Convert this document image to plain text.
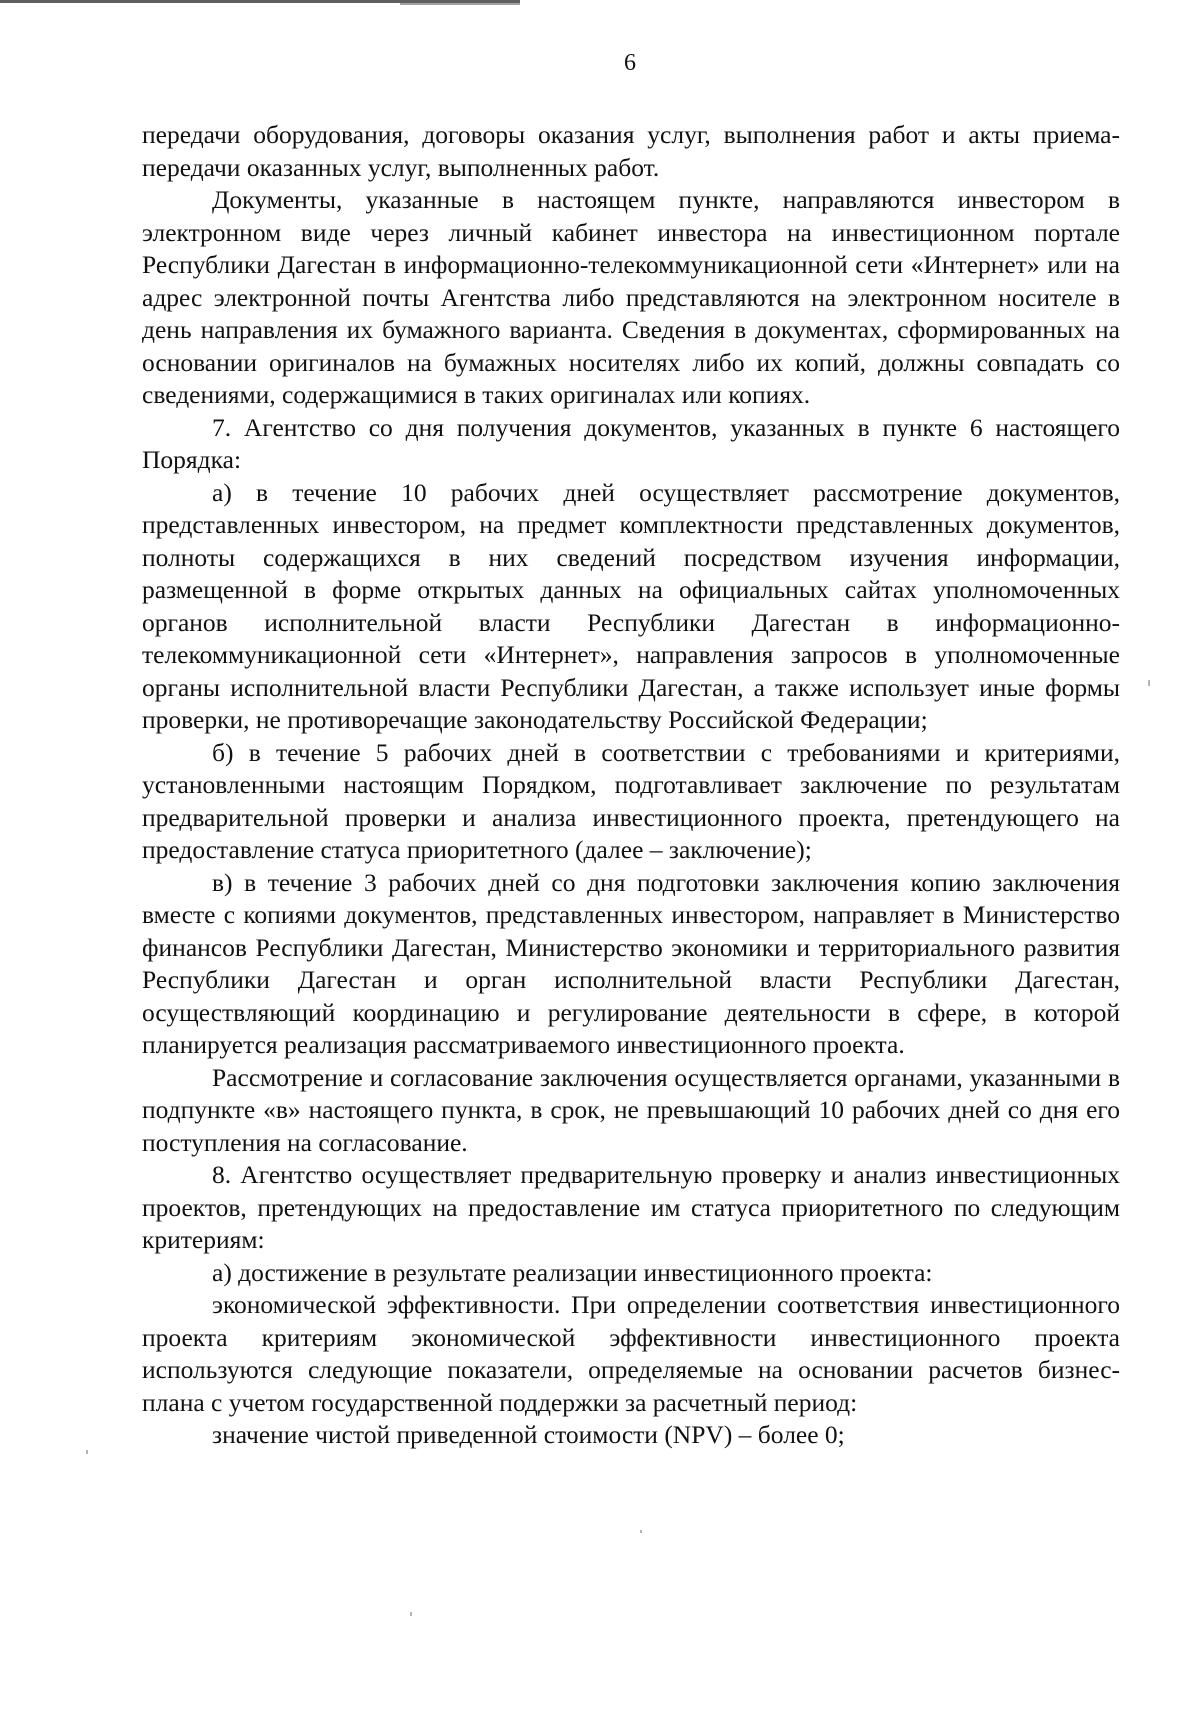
6

передачи оборудования, договоры оказания услуг, выполнения работ и акты приема-передачи оказанных услуг, выполненных работ.

Документы, указанные в настоящем пункте, направляются инвестором в электронном виде через личный кабинет инвестора на инвестиционном портале Республики Дагестан в информационно-телекоммуникационной сети «Интернет» или на адрес электронной почты Агентства либо представляются на электронном носителе в день направления их бумажного варианта. Сведения в документах, сформированных на основании оригиналов на бумажных носителях либо их копий, должны совпадать со сведениями, содержащимися в таких оригиналах или копиях.

7. Агентство со дня получения документов, указанных в пункте 6 настоящего Порядка:

а) в течение 10 рабочих дней осуществляет рассмотрение документов, представленных инвестором, на предмет комплектности представленных документов, полноты содержащихся в них сведений посредством изучения информации, размещенной в форме открытых данных на официальных сайтах уполномоченных органов исполнительной власти Республики Дагестан в информационно-телекоммуникационной сети «Интернет», направления запросов в уполномоченные органы исполнительной власти Республики Дагестан, а также использует иные формы проверки, не противоречащие законодательству Российской Федерации;

б) в течение 5 рабочих дней в соответствии с требованиями и критериями, установленными настоящим Порядком, подготавливает заключение по результатам предварительной проверки и анализа инвестиционного проекта, претендующего на предоставление статуса приоритетного (далее – заключение);

в) в течение 3 рабочих дней со дня подготовки заключения копию заключения вместе с копиями документов, представленных инвестором, направляет в Министерство финансов Республики Дагестан, Министерство экономики и территориального развития Республики Дагестан и орган исполнительной власти Республики Дагестан, осуществляющий координацию и регулирование деятельности в сфере, в которой планируется реализация рассматриваемого инвестиционного проекта.

Рассмотрение и согласование заключения осуществляется органами, указанными в подпункте «в» настоящего пункта, в срок, не превышающий 10 рабочих дней со дня его поступления на согласование.

8. Агентство осуществляет предварительную проверку и анализ инвестиционных проектов, претендующих на предоставление им статуса приоритетного по следующим критериям:

а) достижение в результате реализации инвестиционного проекта:

экономической эффективности. При определении соответствия инвестиционного проекта критериям экономической эффективности инвестиционного проекта используются следующие показатели, определяемые на основании расчетов бизнес-плана с учетом государственной поддержки за расчетный период:

значение чистой приведенной стоимости (NPV) – более 0;
